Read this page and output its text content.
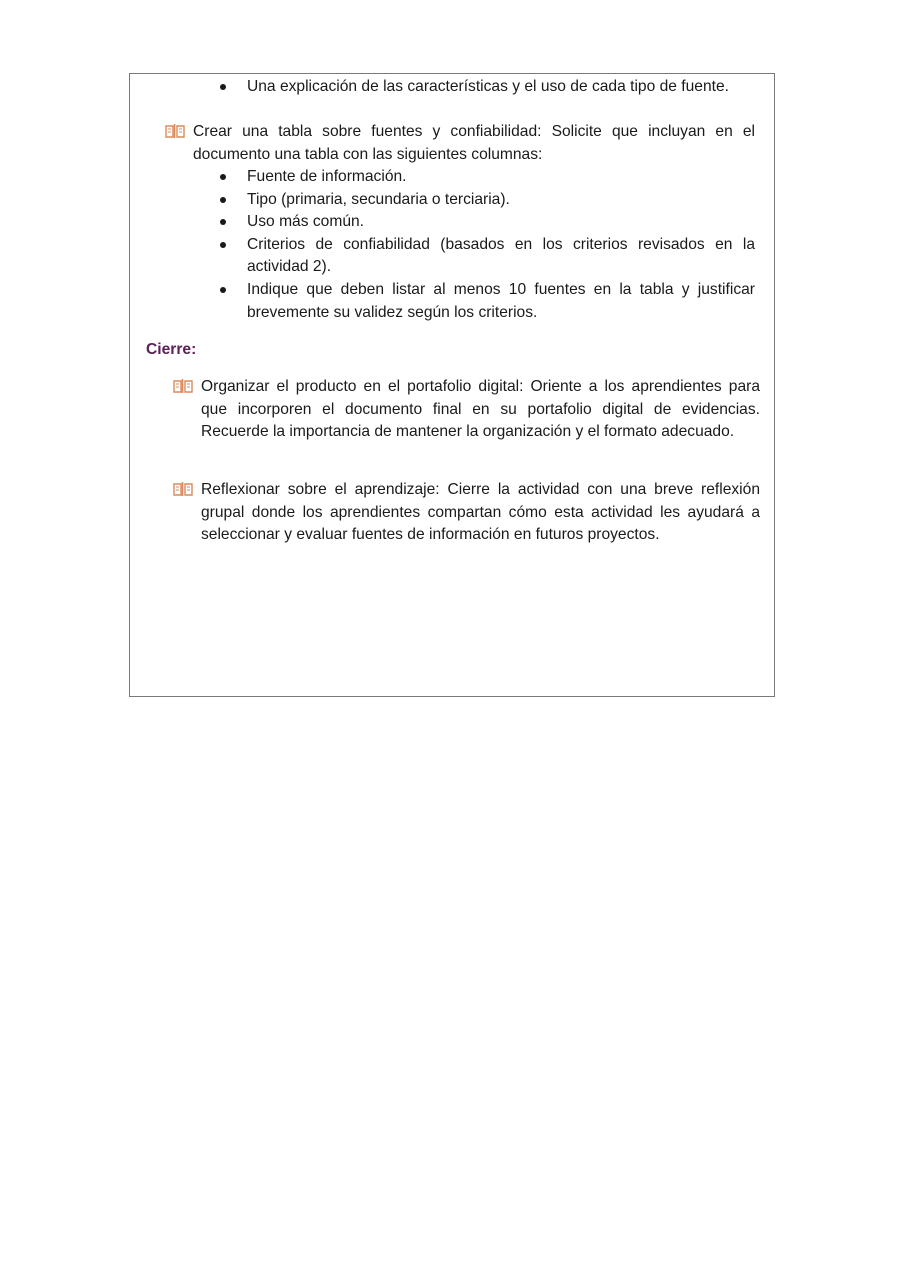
Una explicación de las características y el uso de cada tipo de fuente.
Crear una tabla sobre fuentes y confiabilidad: Solicite que incluyan en el documento una tabla con las siguientes columnas:
Fuente de información.
Tipo (primaria, secundaria o terciaria).
Uso más común.
Criterios de confiabilidad (basados en los criterios revisados en la actividad 2).
Indique que deben listar al menos 10 fuentes en la tabla y justificar brevemente su validez según los criterios.
Cierre:
Organizar el producto en el portafolio digital: Oriente a los aprendientes para que incorporen el documento final en su portafolio digital de evidencias. Recuerde la importancia de mantener la organización y el formato adecuado.
Reflexionar sobre el aprendizaje: Cierre la actividad con una breve reflexión grupal donde los aprendientes compartan cómo esta actividad les ayudará a seleccionar y evaluar fuentes de información en futuros proyectos.
